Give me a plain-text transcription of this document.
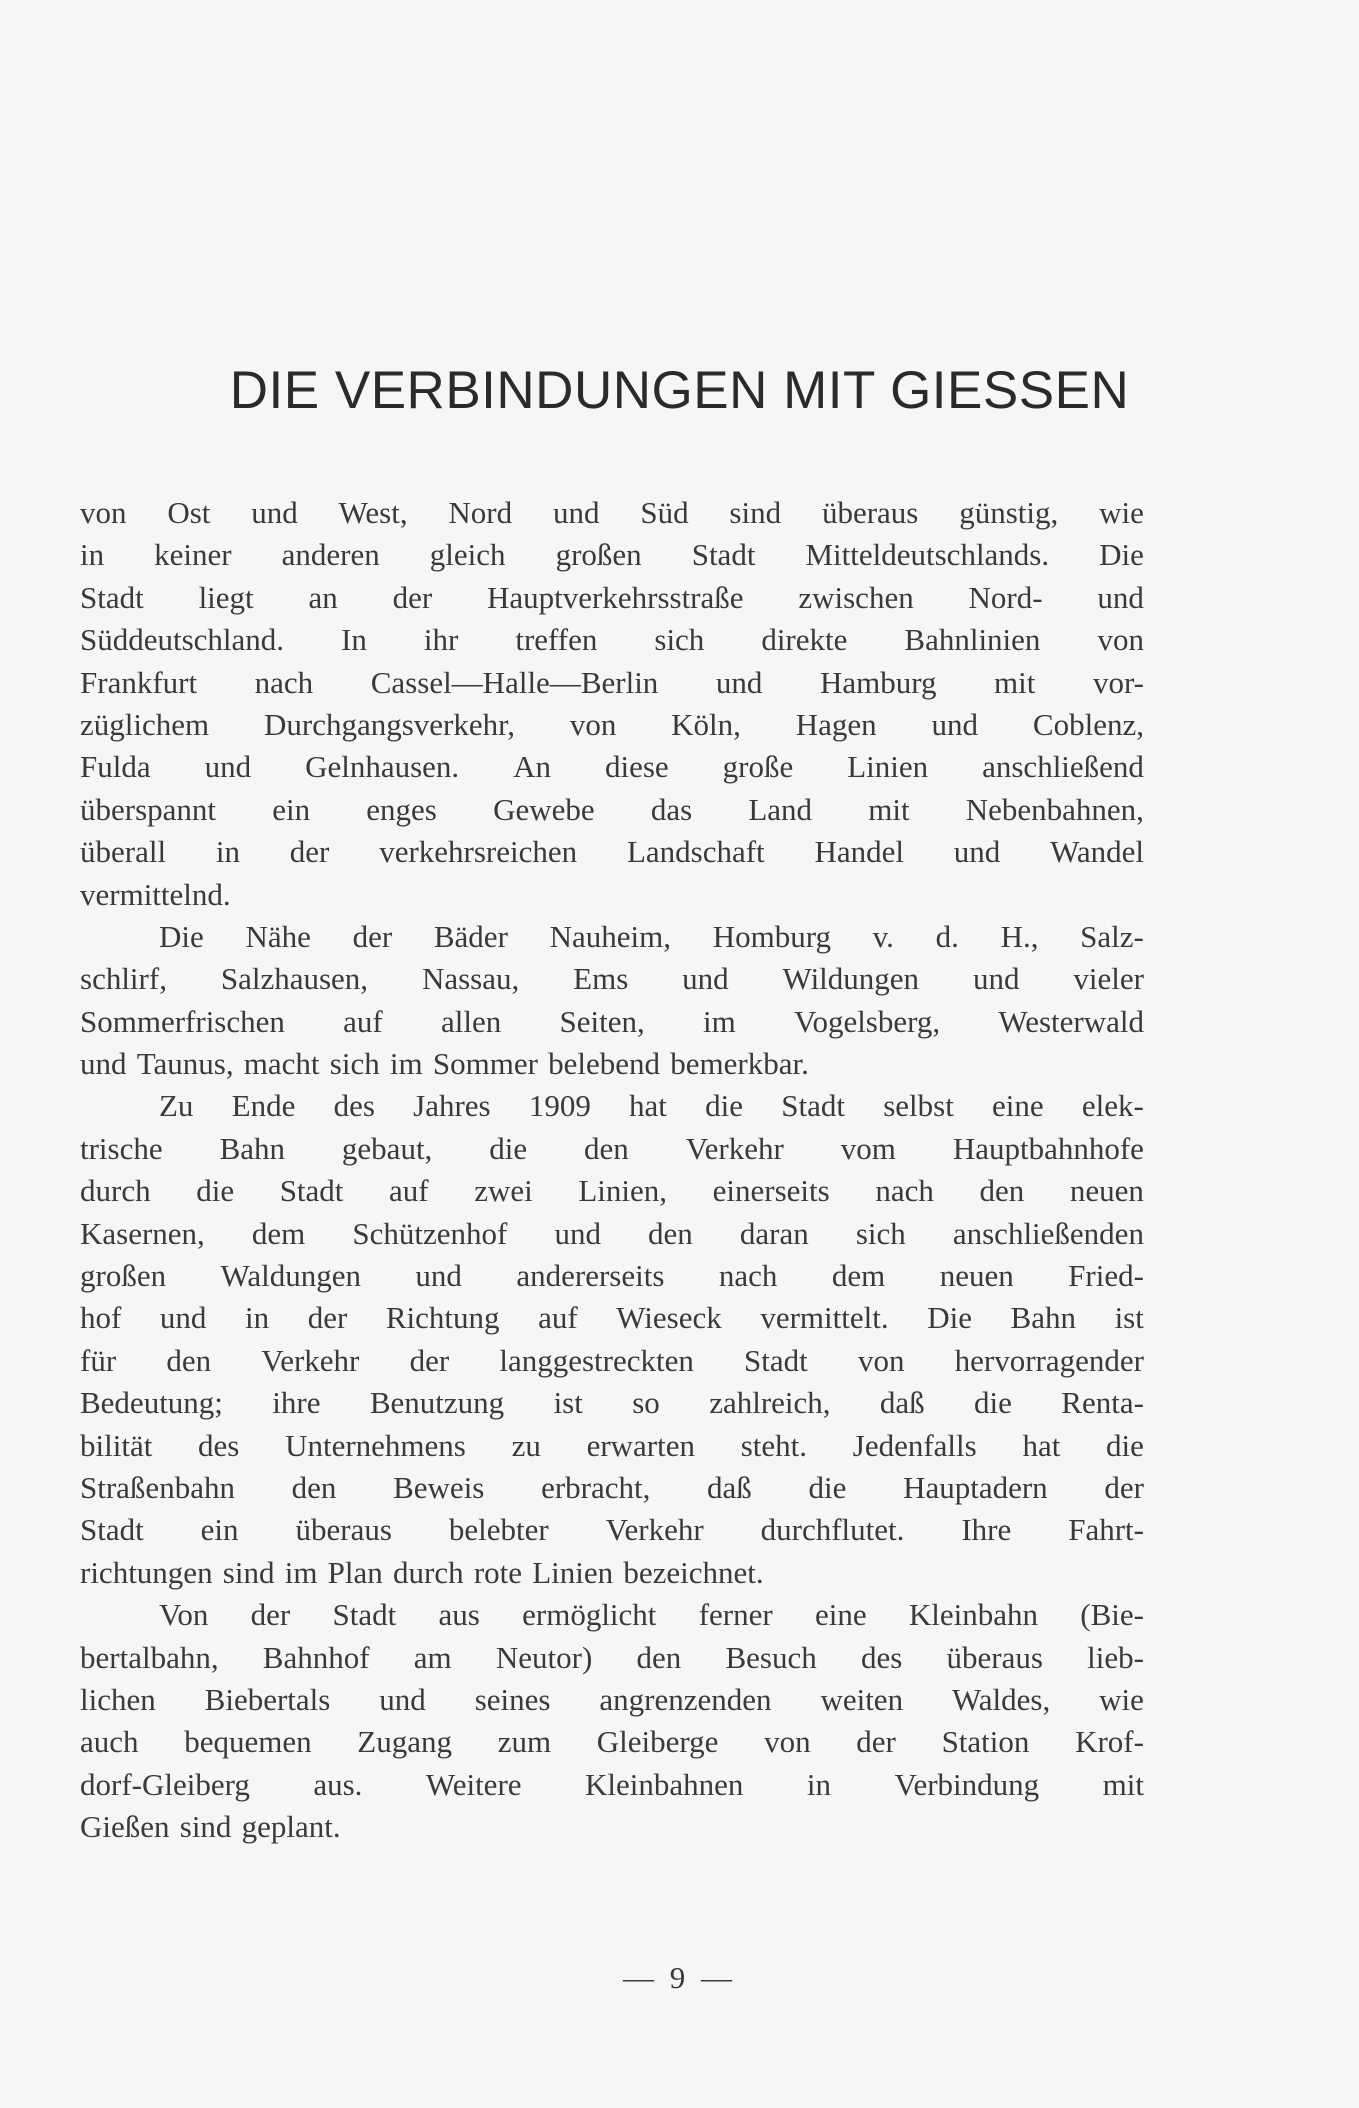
DIE VERBINDUNGEN MIT GIESSEN
von Ost und West, Nord und Süd sind überaus günstig, wie
in keiner anderen gleich großen Stadt Mitteldeutschlands. Die
Stadt liegt an der Hauptverkehrsstraße zwischen Nord- und
Süddeutschland. In ihr treffen sich direkte Bahnlinien von
Frankfurt nach Cassel—Halle—Berlin und Hamburg mit vor-
züglichem Durchgangsverkehr, von Köln, Hagen und Coblenz,
Fulda und Gelnhausen. An diese große Linien anschließend
überspannt ein enges Gewebe das Land mit Nebenbahnen,
überall in der verkehrsreichen Landschaft Handel und Wandel
vermittelnd.
Die Nähe der Bäder Nauheim, Homburg v. d. H., Salz-
schlirf, Salzhausen, Nassau, Ems und Wildungen und vieler
Sommerfrischen auf allen Seiten, im Vogelsberg, Westerwald
und Taunus, macht sich im Sommer belebend bemerkbar.
Zu Ende des Jahres 1909 hat die Stadt selbst eine elek-
trische Bahn gebaut, die den Verkehr vom Hauptbahnhofe
durch die Stadt auf zwei Linien, einerseits nach den neuen
Kasernen, dem Schützenhof und den daran sich anschließenden
großen Waldungen und andererseits nach dem neuen Fried-
hof und in der Richtung auf Wieseck vermittelt. Die Bahn ist
für den Verkehr der langgestreckten Stadt von hervorragender
Bedeutung; ihre Benutzung ist so zahlreich, daß die Renta-
bilität des Unternehmens zu erwarten steht. Jedenfalls hat die
Straßenbahn den Beweis erbracht, daß die Hauptadern der
Stadt ein überaus belebter Verkehr durchflutet. Ihre Fahrt-
richtungen sind im Plan durch rote Linien bezeichnet.
Von der Stadt aus ermöglicht ferner eine Kleinbahn (Bie-
bertalbahn, Bahnhof am Neutor) den Besuch des überaus lieb-
lichen Biebertals und seines angrenzenden weiten Waldes, wie
auch bequemen Zugang zum Gleiberge von der Station Krof-
dorf-Gleiberg aus. Weitere Kleinbahnen in Verbindung mit
Gießen sind geplant.
— 9 —
